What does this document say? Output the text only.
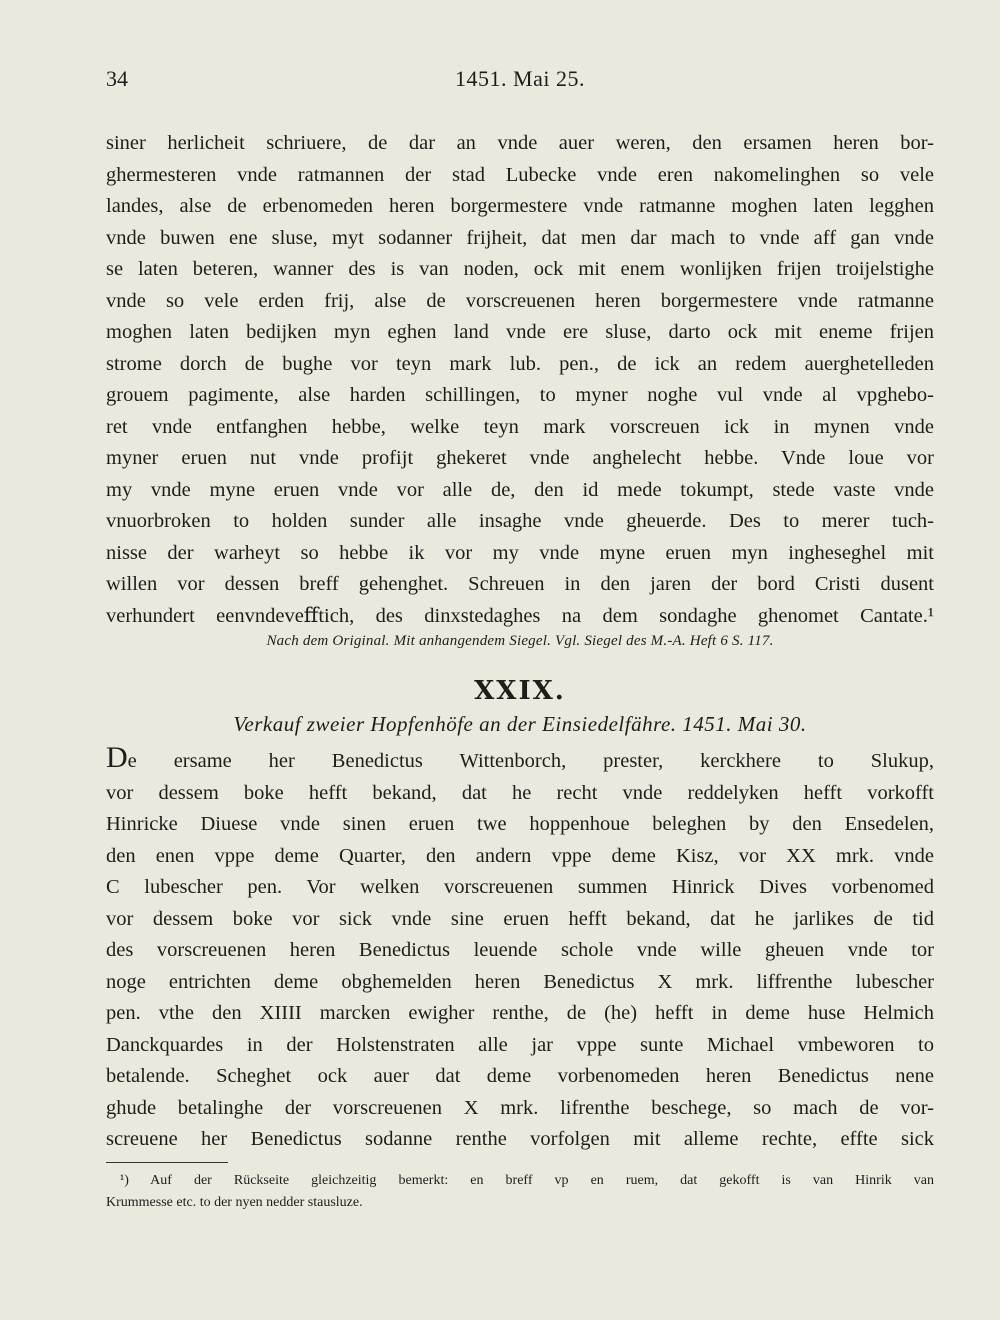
34	1451. Mai 25.
siner herlicheit schriuere, de dar an vnde auer weren, den ersamen heren bor-
ghermesteren vnde ratmannen der stad Lubecke vnde eren nakomelinghen so vele
landes, alse de erbenomeden heren borgermestere vnde ratmanne moghen laten legghen
vnde buwen ene sluse, myt sodanner frijheit, dat men dar mach to vnde aff gan vnde
se laten beteren, wanner des is van noden, ock mit enem wonlijken frijen troijelstighe
vnde so vele erden frij, alse de vorscreuenen heren borgermestere vnde ratmanne
moghen laten bedijken myn eghen land vnde ere sluse, darto ock mit eneme frijen
strome dorch de bughe vor teyn mark lub. pen., de ick an redem auerghetelleden
grouem pagimente, alse harden schillingen, to myner noghe vul vnde al vpghebo-
ret vnde entfanghen hebbe, welke teyn mark vorscreuen ick in mynen vnde
myner eruen nut vnde profijt ghekeret vnde anghelecht hebbe. Vnde loue vor
my vnde myne eruen vnde vor alle de, den id mede tokumpt, stede vaste vnde
vnuorbroken to holden sunder alle insaghe vnde gheuerde. Des to merer tuch-
nisse der warheyt so hebbe ik vor my vnde myne eruen myn ingheseghel mit
willen vor dessen breff gehenghet. Schreuen in den jaren der bord Cristi dusent
verhundert eenvndeveﬀtich, des dinxstedaghes na dem sondaghe ghenomet Cantate.¹
Nach dem Original. Mit anhangendem Siegel. Vgl. Siegel des M.-A. Heft 6 S. 117.
XXIX.
Verkauf zweier Hopfenhöfe an der Einsiedelfähre. 1451. Mai 30.
De ersame her Benedictus Wittenborch, prester, kerckhere to Slukup,
vor dessem boke hefft bekand, dat he recht vnde reddelyken hefft vorkofft
Hinricke Diuese vnde sinen eruen twe hoppenhoue beleghen by den Ensedelen,
den enen vppe deme Quarter, den andern vppe deme Kisz, vor XX mrk. vnde
C lubescher pen. Vor welken vorscreuenen summen Hinrick Dives vorbenomed
vor dessem boke vor sick vnde sine eruen hefft bekand, dat he jarlikes de tid
des vorscreuenen heren Benedictus leuende schole vnde wille gheuen vnde tor
noge entrichten deme obghemelden heren Benedictus X mrk. liffrenthe lubescher
pen. vthe den XIIII marcken ewigher renthe, de (he) hefft in deme huse Helmich
Danckquardes in der Holstenstraten alle jar vppe sunte Michael vmbeworen to
betalende. Scheghet ock auer dat deme vorbenomeden heren Benedictus nene
ghude betalinghe der vorscreuenen X mrk. lifrenthe beschege, so mach de vor-
screuene her Benedictus sodanne renthe vorfolgen mit alleme rechte, effte sick
¹) Auf der Rückseite gleichzeitig bemerkt: en breff vp en ruem, dat gekofft is van Hinrik van
Krummesse etc. to der nyen nedder stausluze.
